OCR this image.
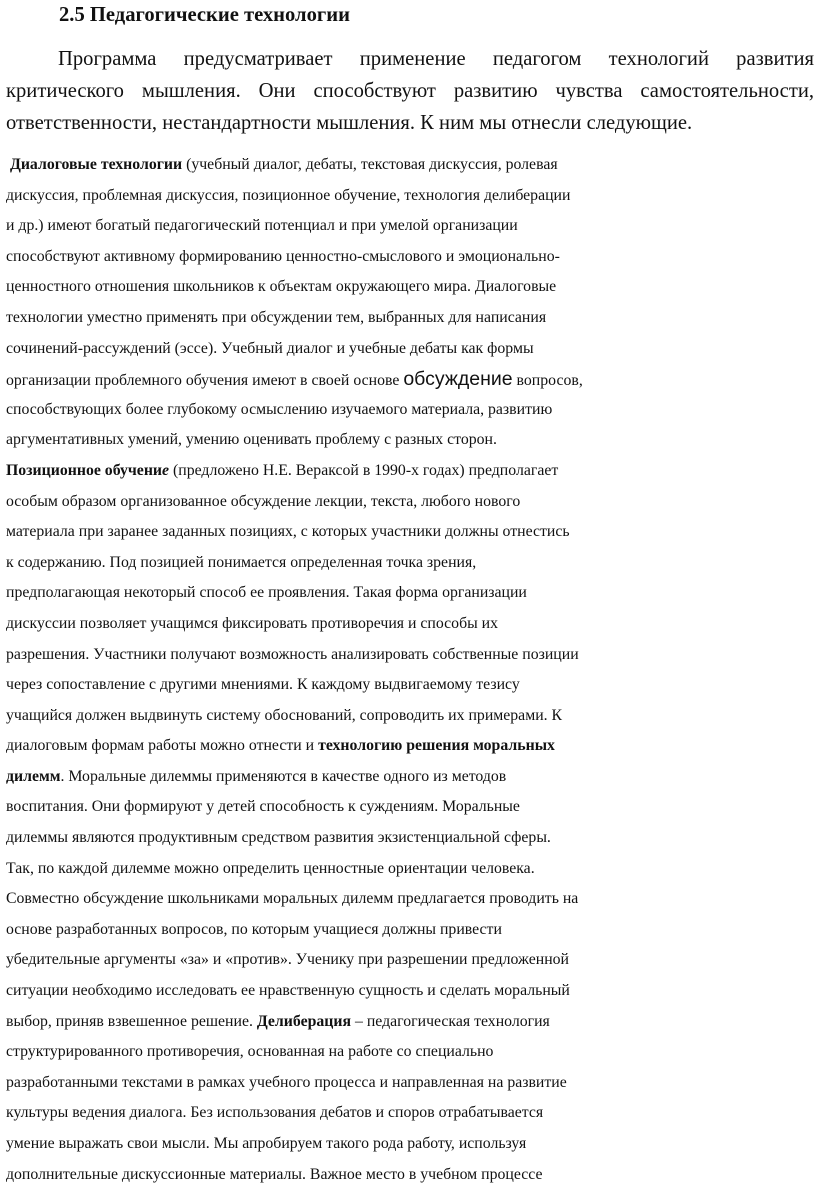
2.5 Педагогические технологии

Программа предусматривает применение педагогом технологий развития критического мышления. Они способствуют развитию чувства самостоятельности, ответственности, нестандартности мышления. К ним мы отнесли следующие.

Диалоговые технологии (учебный диалог, дебаты, текстовая дискуссия, ролевая
дискуссия, проблемная дискуссия, позиционное обучение, технология делиберации
и др.) имеют богатый педагогический потенциал и при умелой организации
способствуют активному формированию ценностно-смыслового и эмоционально-
ценностного отношения школьников к объектам окружающего мира. Диалоговые
технологии уместно применять при обсуждении тем, выбранных для написания
сочинений-рассуждений (эссе). Учебный диалог и учебные дебаты как формы
организации проблемного обучения имеют в своей основе обсуждение вопросов,
способствующих более глубокому осмыслению изучаемого материала, развитию
аргументативных умений, умению оценивать проблему с разных сторон.
Позиционное обучение (предложено Н.Е. Вераксой в 1990-х годах) предполагает
особым образом организованное обсуждение лекции, текста, любого нового
материала при заранее заданных позициях, с которых участники должны отнестись
к содержанию. Под позицией понимается определенная точка зрения,
предполагающая некоторый способ ее проявления. Такая форма организации
дискуссии позволяет учащимся фиксировать противоречия и способы их
разрешения. Участники получают возможность анализировать собственные позиции
через сопоставление с другими мнениями. К каждому выдвигаемому тезису
учащийся должен выдвинуть систему обоснований, сопроводить их примерами. К
диалоговым формам работы можно отнести и технологию решения моральных
дилемм. Моральные дилеммы применяются в качестве одного из методов
воспитания. Они формируют у детей способность к суждениям. Моральные
дилеммы являются продуктивным средством развития экзистенциальной сферы.
Так, по каждой дилемме можно определить ценностные ориентации человека.
Совместно обсуждение школьниками моральных дилемм предлагается проводить на
основе разработанных вопросов, по которым учащиеся должны привести
убедительные аргументы «за» и «против». Ученику при разрешении предложенной
ситуации необходимо исследовать ее нравственную сущность и сделать моральный
выбор, приняв взвешенное решение. Делиберация – педагогическая технология
структурированного противоречия, основанная на работе со специально
разработанными текстами в рамках учебного процесса и направленная на развитие
культуры ведения диалога. Без использования дебатов и споров отрабатывается
умение выражать свои мысли. Мы апробируем такого рода работу, используя
дополнительные дискуссионные материалы. Важное место в учебном процессе
